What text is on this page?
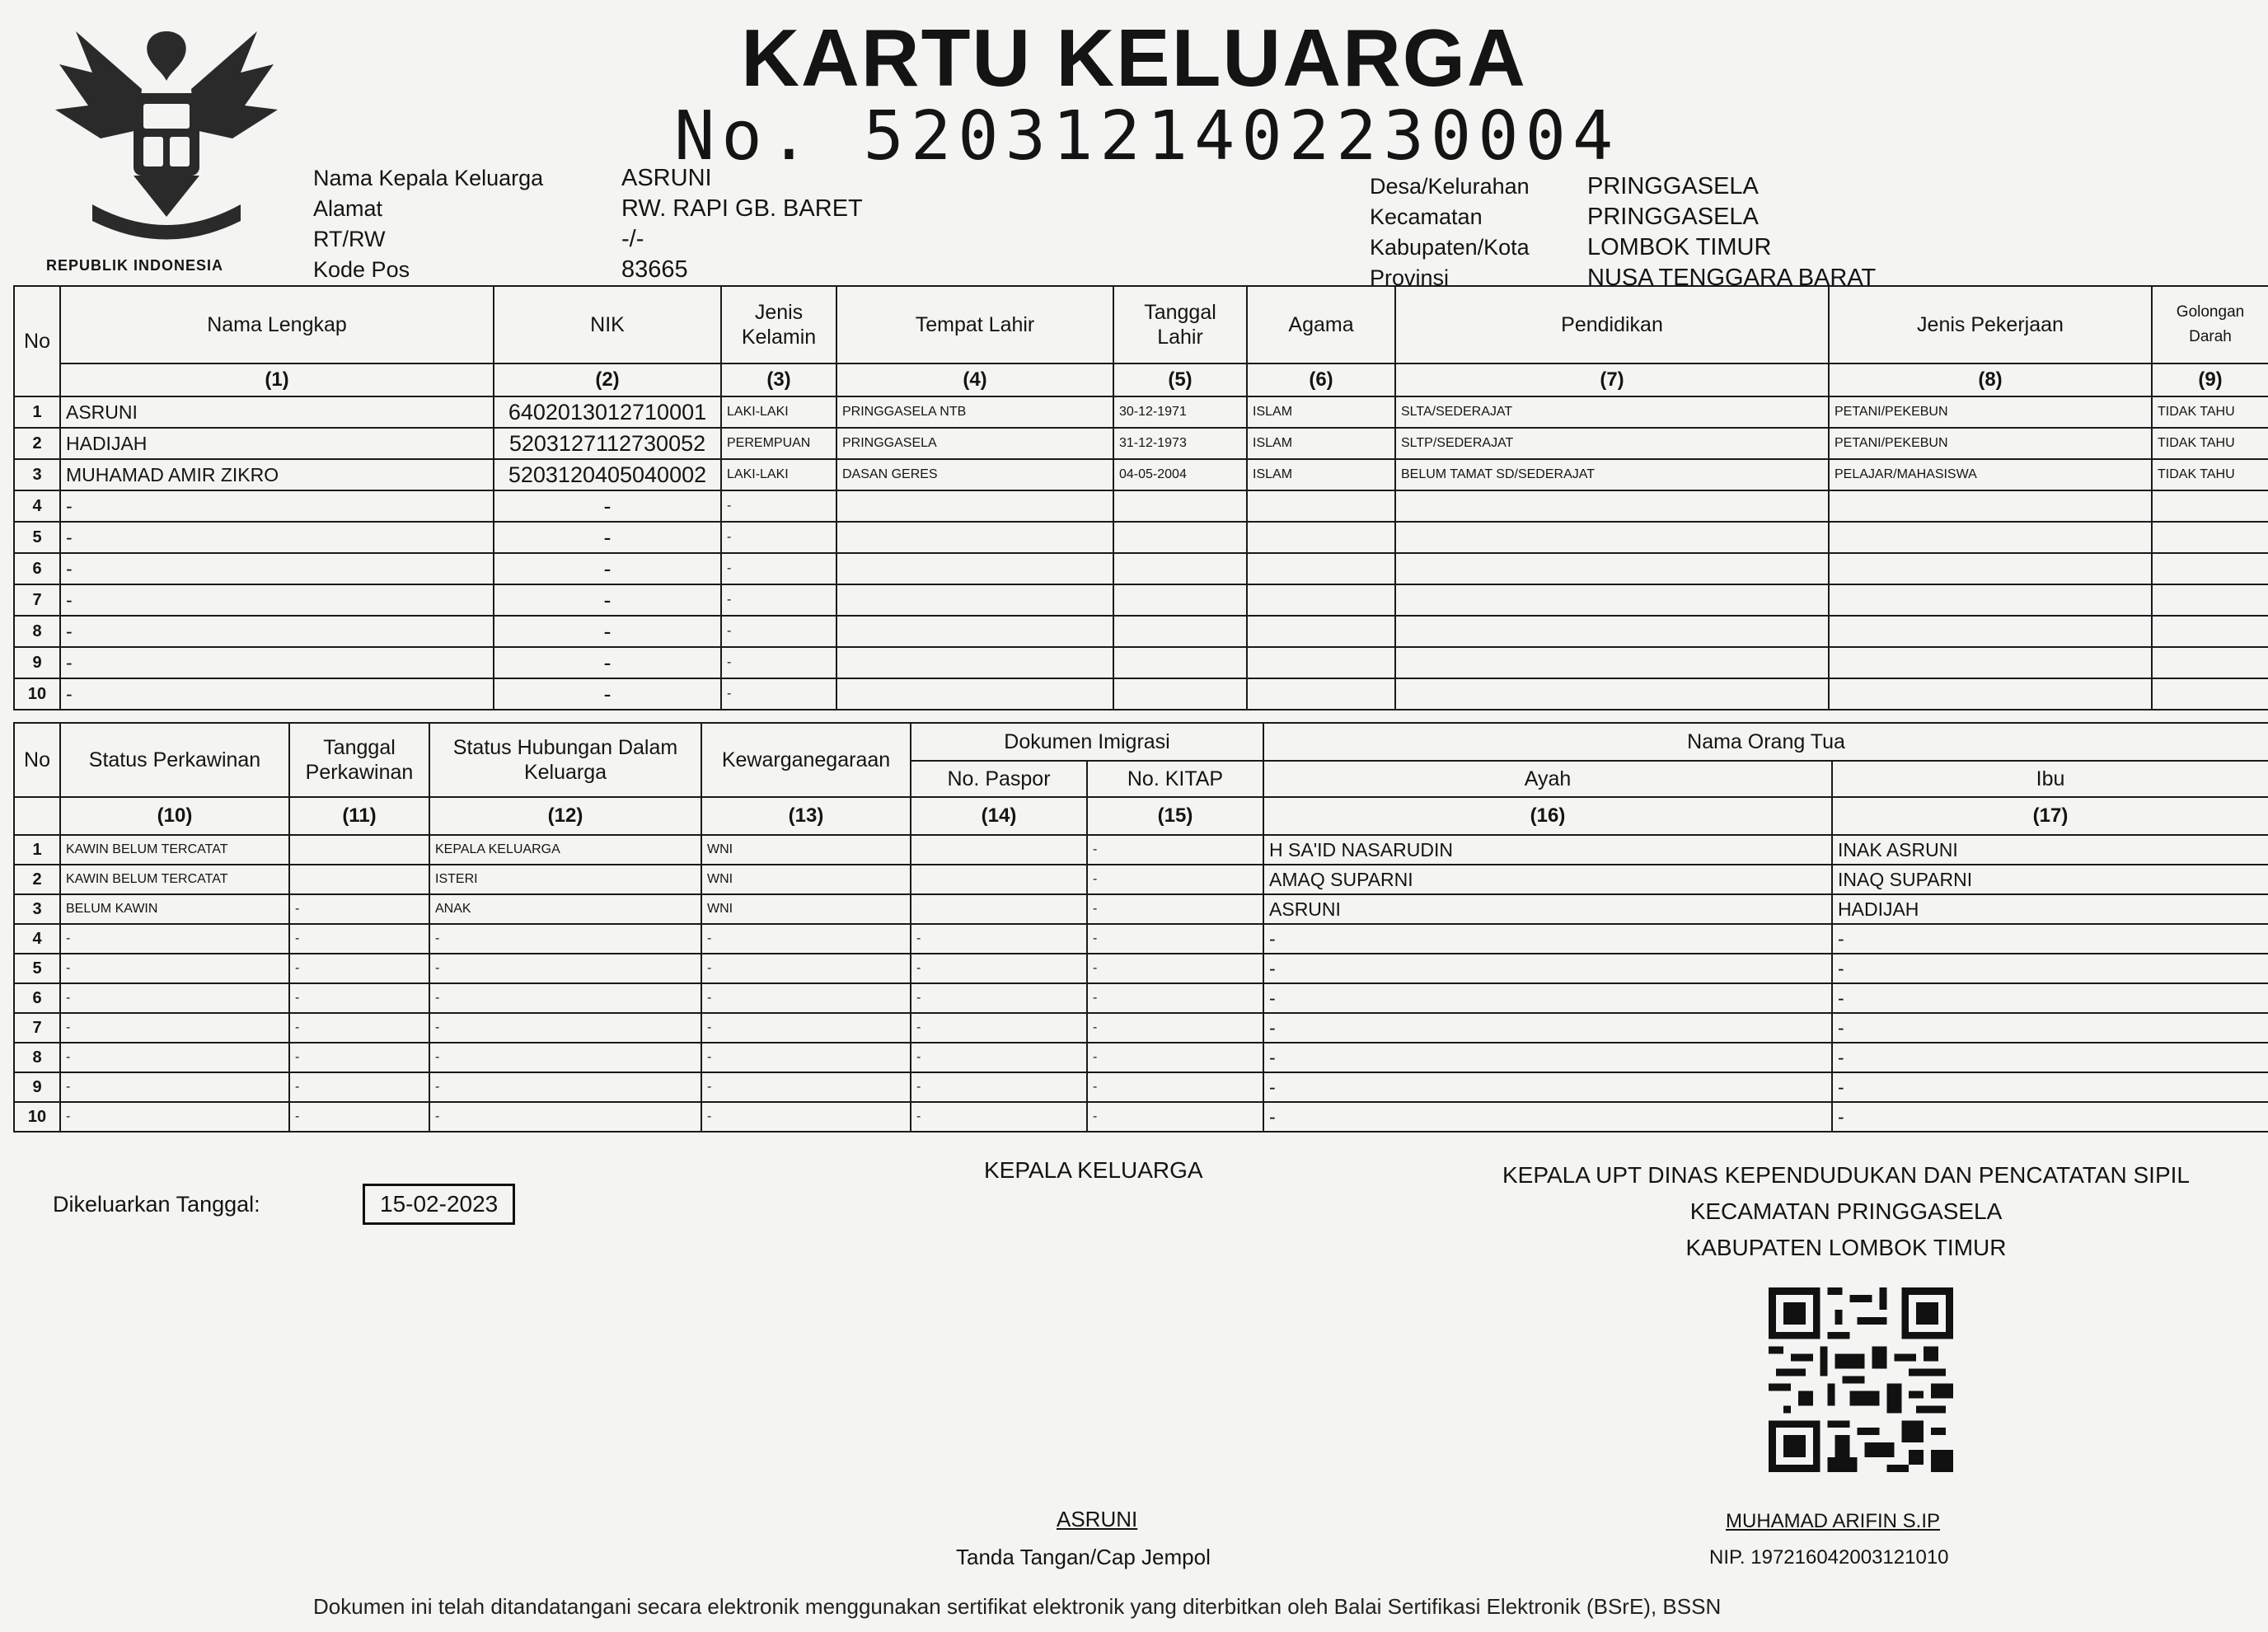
REPUBLIK INDONESIA
KARTU KELUARGA
No. 5203121402230004
Nama Kepala Keluarga	ASRUNI
Alamat	RW. RAPI GB. BARET
RT/RW	-/-
Kode Pos	83665
Desa/Kelurahan	PRINGGASELA
Kecamatan	PRINGGASELA
Kabupaten/Kota	LOMBOK TIMUR
Provinsi	NUSA TENGGARA BARAT
No	Nama Lengkap	NIK	Jenis Kelamin	Tempat Lahir	Tanggal Lahir	Agama	Pendidikan	Jenis Pekerjaan	Golongan Darah
	(1)	(2)	(3)	(4)	(5)	(6)	(7)	(8)	(9)
1	ASRUNI	6402013012710001	LAKI-LAKI	PRINGGASELA NTB	30-12-1971	ISLAM	SLTA/SEDERAJAT	PETANI/PEKEBUN	TIDAK TAHU
2	HADIJAH	5203127112730052	PEREMPUAN	PRINGGASELA	31-12-1973	ISLAM	SLTP/SEDERAJAT	PETANI/PEKEBUN	TIDAK TAHU
3	MUHAMAD AMIR ZIKRO	5203120405040002	LAKI-LAKI	DASAN GERES	04-05-2004	ISLAM	BELUM TAMAT SD/SEDERAJAT	PELAJAR/MAHASISWA	TIDAK TAHU
4	-	-	-						
5	-	-	-						
6	-	-	-						
7	-	-	-						
8	-	-	-						
9	-	-	-						
10	-	-	-						
No	Status Perkawinan	Tanggal Perkawinan	Status Hubungan Dalam Keluarga	Kewarganegaraan	Dokumen Imigrasi		Nama Orang Tua	
					No. Paspor	No. KITAP	Ayah	Ibu
	(10)	(11)	(12)	(13)	(14)	(15)	(16)	(17)
1	KAWIN BELUM TERCATAT		KEPALA KELUARGA	WNI		-	H SA'ID NASARUDIN	INAK ASRUNI
2	KAWIN BELUM TERCATAT		ISTERI	WNI		-	AMAQ SUPARNI	INAQ SUPARNI
3	BELUM KAWIN	-	ANAK	WNI		-	ASRUNI	HADIJAH
4	-	-	-	-	-	-	-	-
5	-	-	-	-	-	-	-	-
6	-	-	-	-	-	-	-	-
7	-	-	-	-	-	-	-	-
8	-	-	-	-	-	-	-	-
9	-	-	-	-	-	-	-	-
10	-	-	-	-	-	-	-	-
Dikeluarkan Tanggal:	15-02-2023
KEPALA KELUARGA	KEPALA UPT DINAS KEPENDUDUKAN DAN PENCATATAN SIPIL
KECAMATAN PRINGGASELA
KABUPATEN LOMBOK TIMUR
ASRUNI
Tanda Tangan/Cap Jempol
MUHAMAD ARIFIN S.IP
NIP. 197216042003121010
Dokumen ini telah ditandatangani secara elektronik menggunakan sertifikat elektronik yang diterbitkan oleh Balai Sertifikasi Elektronik (BSrE), BSSN
